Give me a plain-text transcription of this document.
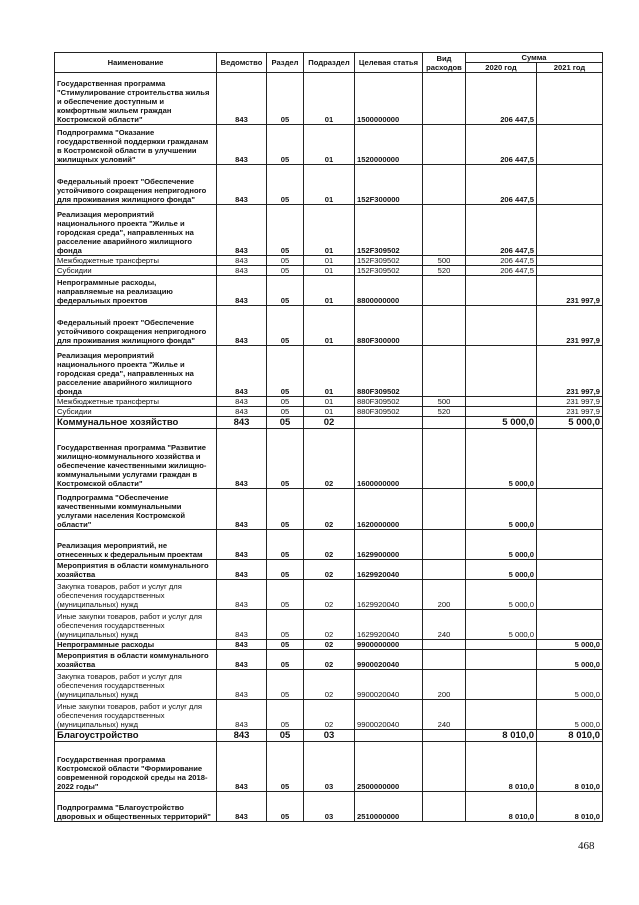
Наименование	Ведомство	Раздел	Подраздел	Целевая статья	Вид расходов	Сумма	
						2020 год	2021 год
Государственная программа "Стимулирование строительства жилья и обеспечение доступным и комфортным жильем граждан Костромской области"	843	05	01	1500000000		206 447,5	
Подпрограмма "Оказание государственной поддержки гражданам в Костромской области в улучшении жилищных условий"	843	05	01	1520000000		206 447,5	
Федеральный проект "Обеспечение устойчивого сокращения непригодного для проживания жилищного фонда"	843	05	01	152F300000		206 447,5	
Реализация мероприятий национального проекта "Жилье и городская среда", направленных на расселение аварийного жилищного фонда	843	05	01	152F309502		206 447,5	
Межбюджетные трансферты	843	05	01	152F309502	500	206 447,5	
Субсидии	843	05	01	152F309502	520	206 447,5	
Непрограммные расходы, направляемые на реализацию федеральных проектов	843	05	01	8800000000			231 997,9
Федеральный проект "Обеспечение устойчивого сокращения непригодного для проживания жилищного фонда"	843	05	01	880F300000			231 997,9
Реализация мероприятий национального проекта "Жилье и городская среда", направленных на расселение аварийного жилищного фонда	843	05	01	880F309502			231 997,9
Межбюджетные трансферты	843	05	01	880F309502	500		231 997,9
Субсидии	843	05	01	880F309502	520		231 997,9
Коммунальное хозяйство	843	05	02			5 000,0	5 000,0
Государственная программа "Развитие жилищно-коммунального хозяйства и обеспечение качественными жилищно-коммунальными услугами граждан в Костромской области"	843	05	02	1600000000		5 000,0	
Подпрограмма "Обеспечение качественными коммунальными услугами населения Костромской области"	843	05	02	1620000000		5 000,0	
Реализация мероприятий, не отнесенных к федеральным проектам	843	05	02	1629900000		5 000,0	
Мероприятия в области коммунального хозяйства	843	05	02	1629920040		5 000,0	
Закупка товаров, работ и услуг для обеспечения государственных (муниципальных) нужд	843	05	02	1629920040	200	5 000,0	
Иные закупки товаров, работ и услуг для обеспечения государственных (муниципальных) нужд	843	05	02	1629920040	240	5 000,0	
Непрограммные расходы	843	05	02	9900000000			5 000,0
Мероприятия в области коммунального хозяйства	843	05	02	9900020040			5 000,0
Закупка товаров, работ и услуг для обеспечения государственных (муниципальных) нужд	843	05	02	9900020040	200		5 000,0
Иные закупки товаров, работ и услуг для обеспечения государственных (муниципальных) нужд	843	05	02	9900020040	240		5 000,0
Благоустройство	843	05	03			8 010,0	8 010,0
Государственная программа Костромской области "Формирование современной городской среды на 2018-2022 годы"	843	05	03	2500000000		8 010,0	8 010,0
Подпрограмма "Благоустройство дворовых и общественных территорий"	843	05	03	2510000000		8 010,0	8 010,0
468
